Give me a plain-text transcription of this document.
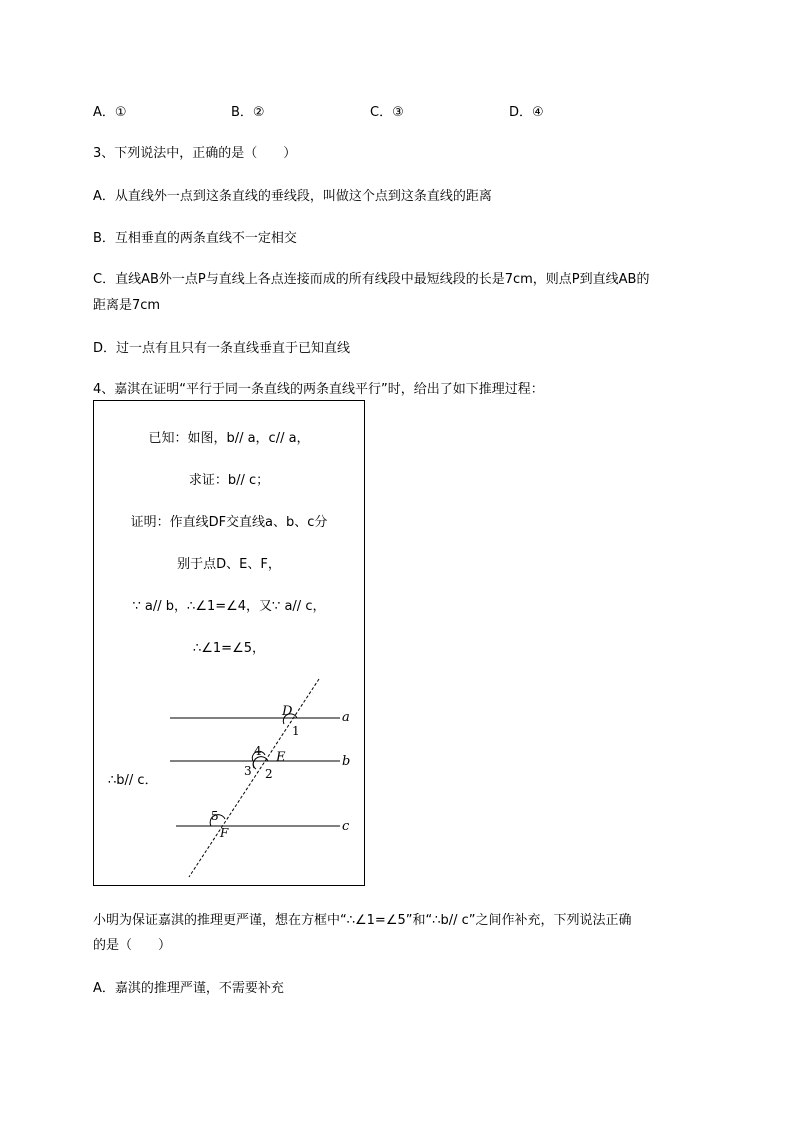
A．①	B．②	C．③	D．④
3、下列说法中，正确的是（　　）
A．从直线外一点到这条直线的垂线段，叫做这个点到这条直线的距离
B．互相垂直的两条直线不一定相交
C．直线AB外一点P与直线上各点连接而成的所有线段中最短线段的长是7cm，则点P到直线AB的
距离是7cm
D．过一点有且只有一条直线垂直于已知直线
4、嘉淇在证明“平行于同一条直线的两条直线平行”时，给出了如下推理过程：
已知：如图，b// a，c// a，
求证：b// c；
证明：作直线DF交直线a、b、c分
别于点D、E、F，
∵ a// b，∴∠1=∠4，又∵ a// c，
∴∠1=∠5，
∴b// c．
a
b
c
D
E
F
1
4
2
3
5
小明为保证嘉淇的推理更严谨，想在方框中“∴∠1=∠5”和“∴b// c”之间作补充，下列说法正确
的是（　　）
A．嘉淇的推理严谨，不需要补充
